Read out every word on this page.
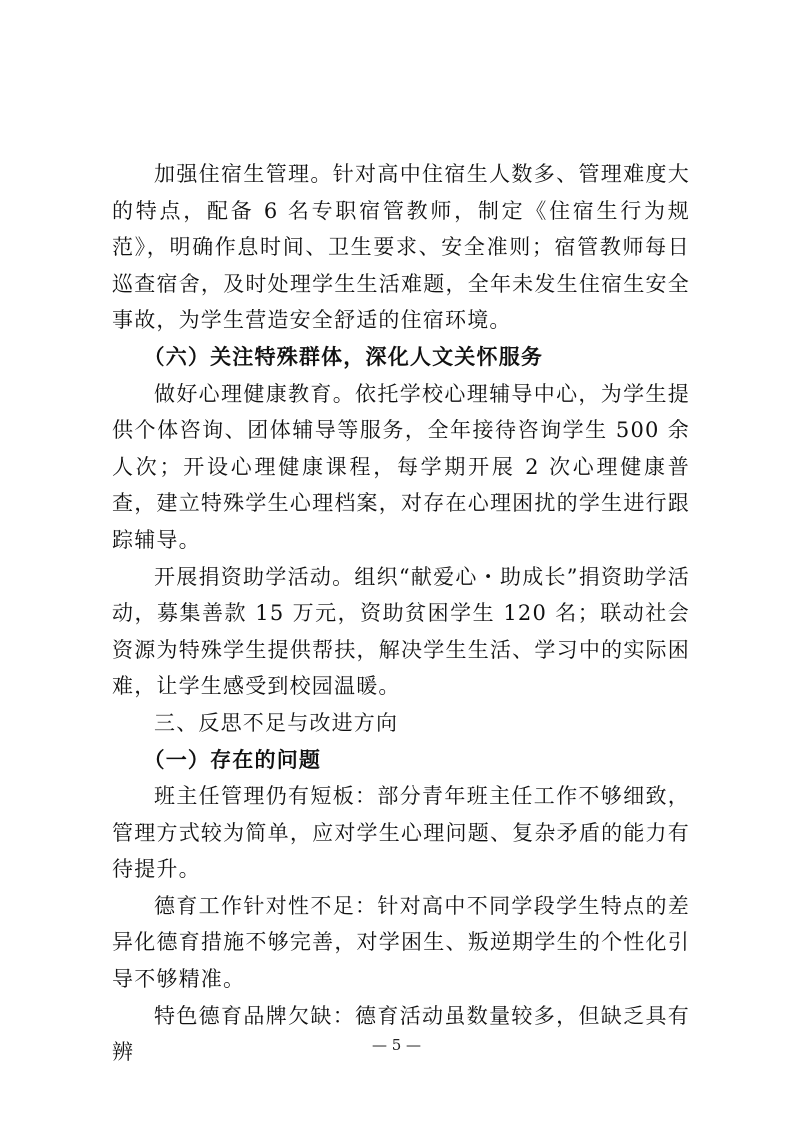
加强住宿生管理。针对高中住宿生人数多、管理难度大的特点，配备 6 名专职宿管教师，制定《住宿生行为规范》，明确作息时间、卫生要求、安全准则；宿管教师每日巡查宿舍，及时处理学生生活难题，全年未发生住宿生安全事故，为学生营造安全舒适的住宿环境。

（六）关注特殊群体，深化人文关怀服务

做好心理健康教育。依托学校心理辅导中心，为学生提供个体咨询、团体辅导等服务，全年接待咨询学生 500 余人次；开设心理健康课程，每学期开展 2 次心理健康普查，建立特殊学生心理档案，对存在心理困扰的学生进行跟踪辅导。

开展捐资助学活动。组织“献爱心・助成长”捐资助学活动，募集善款 15 万元，资助贫困学生 120 名；联动社会资源为特殊学生提供帮扶，解决学生生活、学习中的实际困难，让学生感受到校园温暖。

三、反思不足与改进方向

（一）存在的问题

班主任管理仍有短板：部分青年班主任工作不够细致，管理方式较为简单，应对学生心理问题、复杂矛盾的能力有待提升。

德育工作针对性不足：针对高中不同学段学生特点的差异化德育措施不够完善，对学困生、叛逆期学生的个性化引导不够精准。

特色德育品牌欠缺：德育活动虽数量较多，但缺乏具有辨	— 5 —
